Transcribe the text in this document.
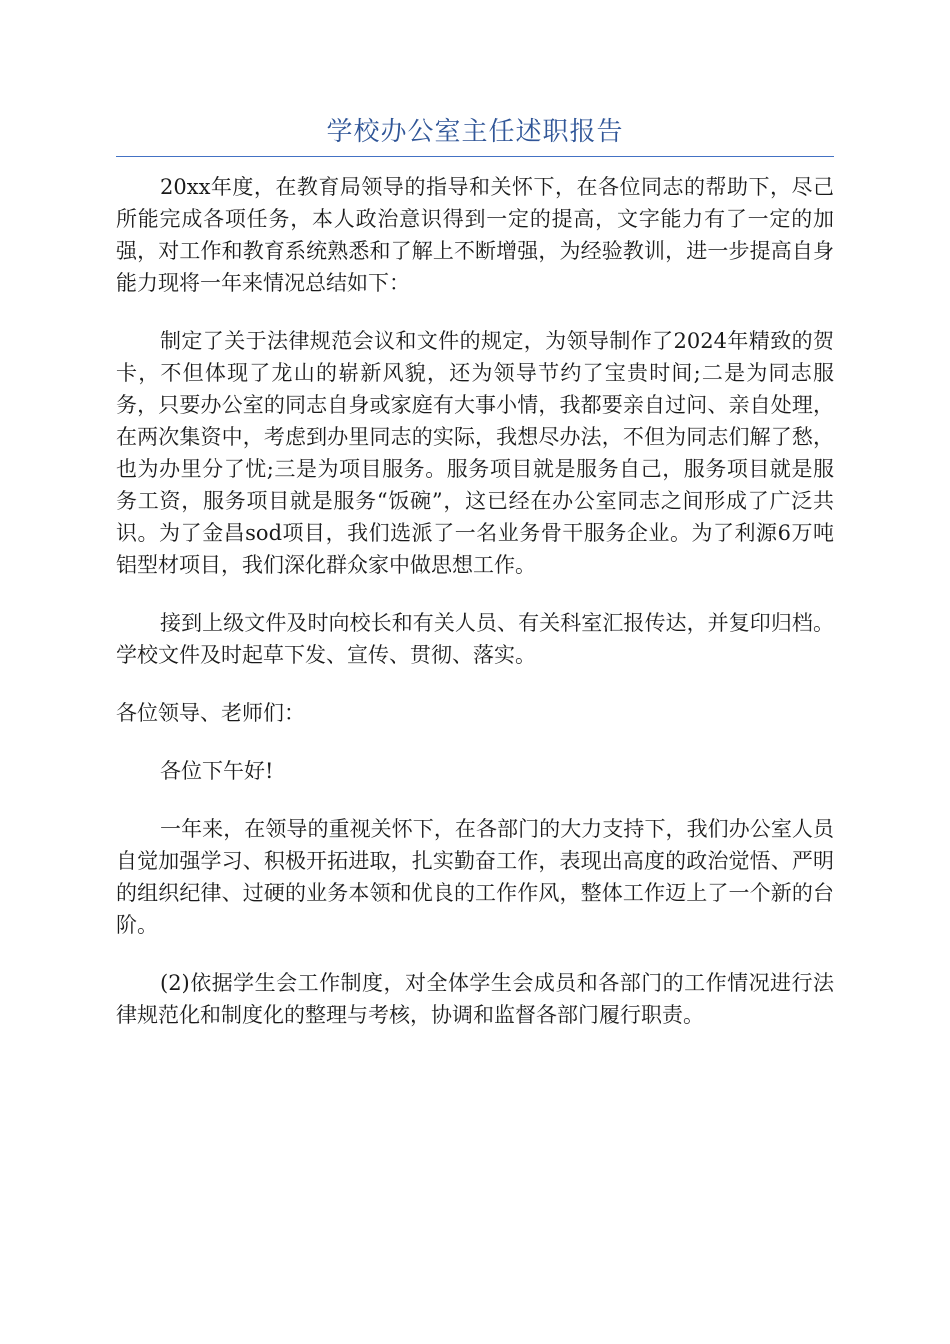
学校办公室主任述职报告

20xx年度，在教育局领导的指导和关怀下，在各位同志的帮助下，尽己所能完成各项任务，本人政治意识得到一定的提高，文字能力有了一定的加强，对工作和教育系统熟悉和了解上不断增强，为经验教训，进一步提高自身能力现将一年来情况总结如下：

制定了关于法律规范会议和文件的规定，为领导制作了2024年精致的贺卡，不但体现了龙山的崭新风貌，还为领导节约了宝贵时间;二是为同志服务，只要办公室的同志自身或家庭有大事小情，我都要亲自过问、亲自处理，在两次集资中，考虑到办里同志的实际，我想尽办法，不但为同志们解了愁，也为办里分了忧;三是为项目服务。服务项目就是服务自己，服务项目就是服务工资，服务项目就是服务“饭碗”，这已经在办公室同志之间形成了广泛共识。为了金昌sod项目，我们选派了一名业务骨干服务企业。为了利源6万吨铝型材项目，我们深化群众家中做思想工作。

接到上级文件及时向校长和有关人员、有关科室汇报传达，并复印归档。学校文件及时起草下发、宣传、贯彻、落实。

各位领导、老师们：

各位下午好!

一年来，在领导的重视关怀下，在各部门的大力支持下，我们办公室人员自觉加强学习、积极开拓进取，扎实勤奋工作，表现出高度的政治觉悟、严明的组织纪律、过硬的业务本领和优良的工作作风，整体工作迈上了一个新的台阶。

(2)依据学生会工作制度，对全体学生会成员和各部门的工作情况进行法律规范化和制度化的整理与考核，协调和监督各部门履行职责。
